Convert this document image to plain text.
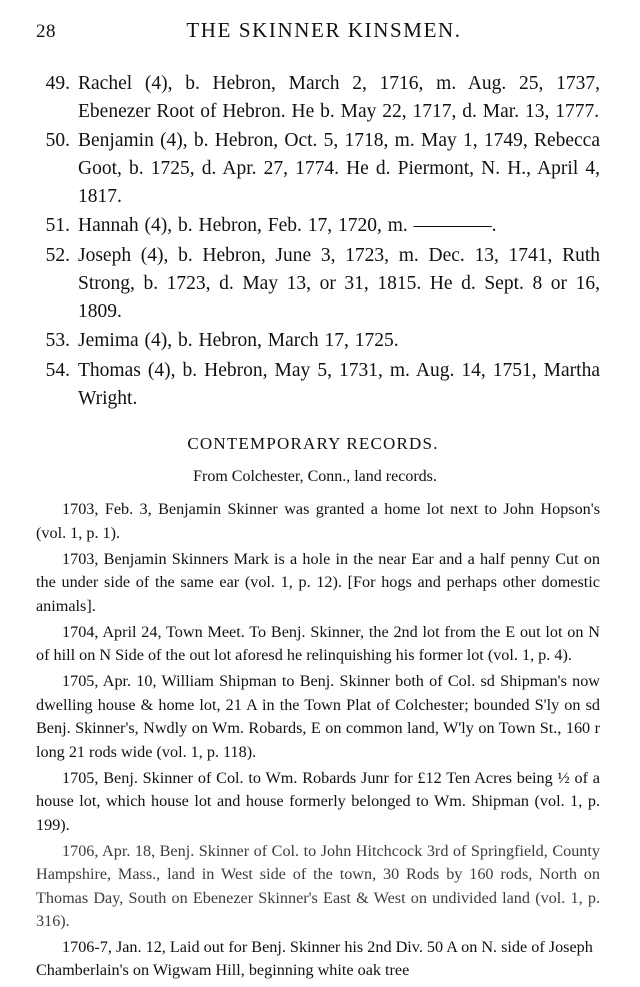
28	THE SKINNER KINSMEN.
49. Rachel (4), b. Hebron, March 2, 1716, m. Aug. 25, 1737, Ebenezer Root of Hebron. He b. May 22, 1717, d. Mar. 13, 1777.
50. Benjamin (4), b. Hebron, Oct. 5, 1718, m. May 1, 1749, Rebecca Goot, b. 1725, d. Apr. 27, 1774. He d. Piermont, N. H., April 4, 1817.
51. Hannah (4), b. Hebron, Feb. 17, 1720, m. ————.
52. Joseph (4), b. Hebron, June 3, 1723, m. Dec. 13, 1741, Ruth Strong, b. 1723, d. May 13, or 31, 1815. He d. Sept. 8 or 16, 1809.
53. Jemima (4), b. Hebron, March 17, 1725.
54. Thomas (4), b. Hebron, May 5, 1731, m. Aug. 14, 1751, Martha Wright.
CONTEMPORARY RECORDS.
From Colchester, Conn., land records.

1703, Feb. 3, Benjamin Skinner was granted a home lot next to John Hopson's (vol. 1, p. 1).

1703, Benjamin Skinners Mark is a hole in the near Ear and a half penny Cut on the under side of the same ear (vol. 1, p. 12). [For hogs and perhaps other domestic animals].

1704, April 24, Town Meet. To Benj. Skinner, the 2nd lot from the E out lot on N of hill on N Side of the out lot aforesd he relinquishing his former lot (vol. 1, p. 4).

1705, Apr. 10, William Shipman to Benj. Skinner both of Col. sd Shipman's now dwelling house & home lot, 21 A in the Town Plat of Colchester; bounded S'ly on sd Benj. Skinner's, Nwdly on Wm. Robards, E on common land, W'ly on Town St., 160 r long 21 rods wide (vol. 1, p. 118).

1705, Benj. Skinner of Col. to Wm. Robards Junr for £12 Ten Acres being ½ of a house lot, which house lot and house formerly belonged to Wm. Shipman (vol. 1, p. 199).

1706, Apr. 18, Benj. Skinner of Col. to John Hitchcock 3rd of Springfield, County Hampshire, Mass., land in West side of the town, 30 Rods by 160 rods, North on Thomas Day, South on Ebenezer Skinner's East & West on undivided land (vol. 1, p. 316).

1706-7, Jan. 12, Laid out for Benj. Skinner his 2nd Div. 50 A on N. side of Joseph Chamberlain's on Wigwam Hill, beginning white oak tree
